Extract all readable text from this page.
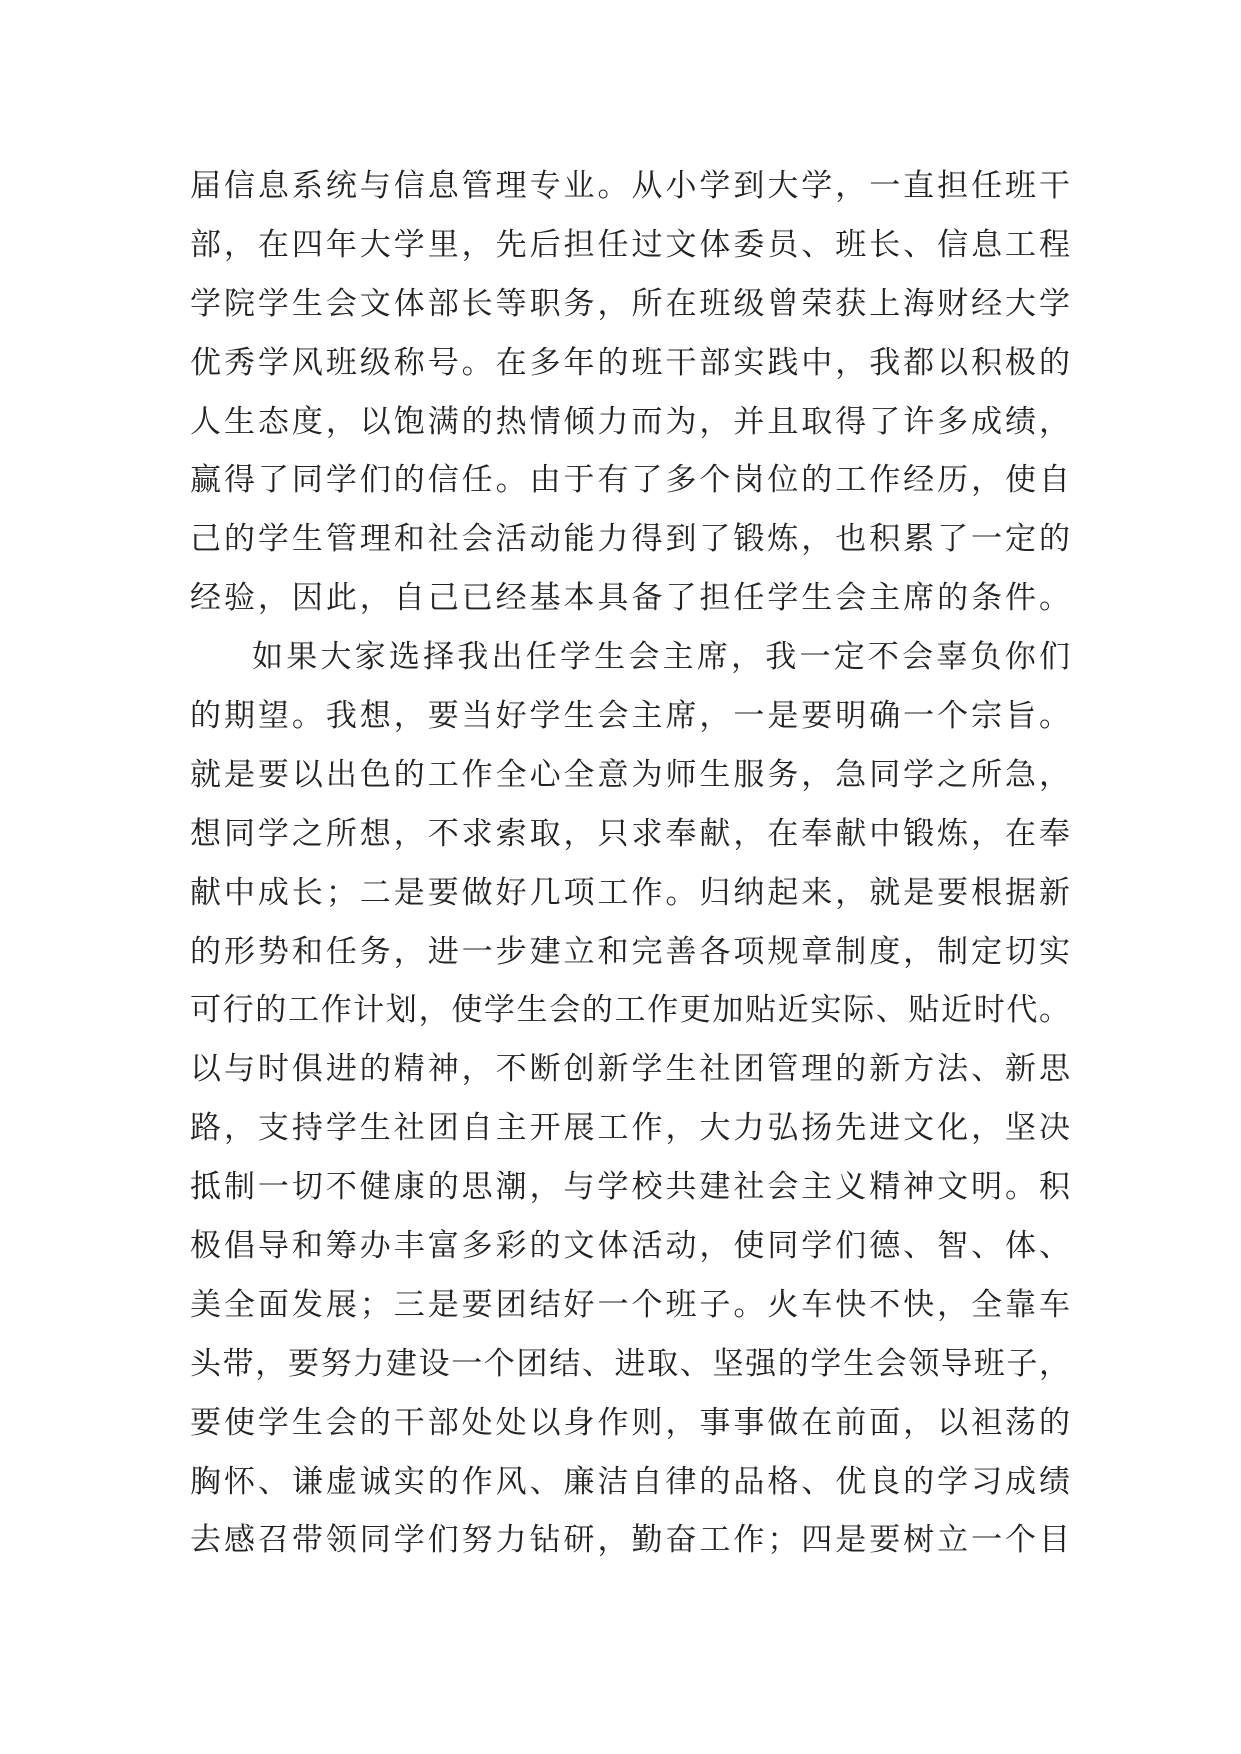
届信息系统与信息管理专业。从小学到大学，一直担任班干
部，在四年大学里，先后担任过文体委员、班长、信息工程
学院学生会文体部长等职务，所在班级曾荣获上海财经大学
优秀学风班级称号。在多年的班干部实践中，我都以积极的
人生态度，以饱满的热情倾力而为，并且取得了许多成绩，
赢得了同学们的信任。由于有了多个岗位的工作经历，使自
己的学生管理和社会活动能力得到了锻炼，也积累了一定的
经验，因此，自己已经基本具备了担任学生会主席的条件。
如果大家选择我出任学生会主席，我一定不会辜负你们
的期望。我想，要当好学生会主席，一是要明确一个宗旨。
就是要以出色的工作全心全意为师生服务，急同学之所急，
想同学之所想，不求索取，只求奉献，在奉献中锻炼，在奉
献中成长；二是要做好几项工作。归纳起来，就是要根据新
的形势和任务，进一步建立和完善各项规章制度，制定切实
可行的工作计划，使学生会的工作更加贴近实际、贴近时代。
以与时俱进的精神，不断创新学生社团管理的新方法、新思
路，支持学生社团自主开展工作，大力弘扬先进文化，坚决
抵制一切不健康的思潮，与学校共建社会主义精神文明。积
极倡导和筹办丰富多彩的文体活动，使同学们德、智、体、
美全面发展；三是要团结好一个班子。火车快不快，全靠车
头带，要努力建设一个团结、进取、坚强的学生会领导班子，
要使学生会的干部处处以身作则，事事做在前面，以袒荡的
胸怀、谦虚诚实的作风、廉洁自律的品格、优良的学习成绩
去感召带领同学们努力钻研，勤奋工作；四是要树立一个目
